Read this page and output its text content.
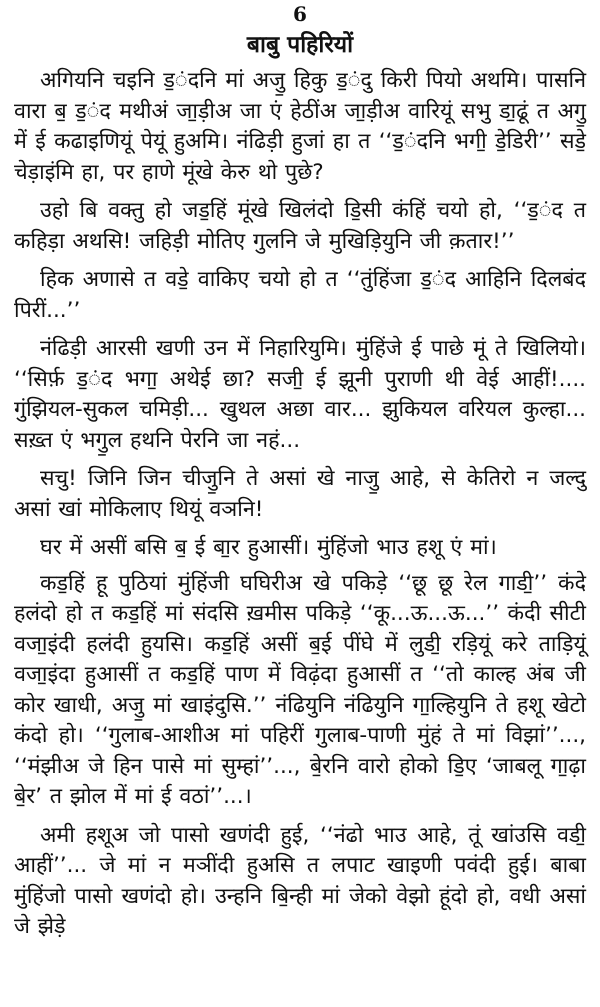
6
बाबु पहिरियों

अगियनि चइनि ड॒ंदनि मां अजु॒ हिकु ड॒ंदु किरी पियो अथमि। पासनि वारा ब॒ ड॒ंद मथीअं जा॒ड़ीअ जा एं हेठींअ जा॒ड़ीअ वारियूं सभु डा॒ढूं त अगु॒ में ई कढाइणियूं पेयूं हुअमि। नंढिड़ी हुजां हा त ‘‘ड॒ंदनि भगी॒ डे॒डिरी’’ सडे॒ चेड़ाइंमि हा, पर हाणे मूंखे केरु थो पुछे?

उहो बि वक्तु हो जड॒हिं मूंखे खिलंदो डि॒सी कंहिं चयो हो, ‘‘ड॒ंद त कहिड़ा अथसि! जहिड़ी मोतिए गुलनि जे मुखिड़ियुनि जी क़तार!’’

हिक अणासे त वडे॒ वाकिए चयो हो त ‘‘तुंहिंजा ड॒ंद आहिनि दिलबंद पिरीं...’’

नंढिड़ी आरसी खणी उन में निहारियुमि। मुंहिंजे ई पाछे मूं ते खिलियो। ‘‘सिर्फ़ ड॒ंद भगा॒ अथेई छा? सजी॒ ई झूनी पुराणी थी वेई आहीं!.... गुंझियल-सुकल चमिड़ी... खुथल अछा वार... झुकियल वरियल कुल्हा... सख़्त एं भगु॒ल हथनि पेरनि जा नहं...

सचु! जिनि जिन चीजु॒नि ते असां खे नाजु॒ आहे, से केतिरो न जल्दु असां खां मोकिलाए थियूं वञनि!

घर में असीं बसि ब॒ ई बा॒र हुआसीं। मुंहिंजो भाउ हशू एं मां।

कड॒हिं हू पुठियां मुंहिंजी घघिरीअ खे पकिड़े ‘‘छू छू रेल गाडी॒’’ कंदे हलंदो हो त कड॒हिं मां संदसि ख़मीस पकिड़े ‘‘कू...ऊ...ऊ...’’ कंदी सीटी वजा॒इंदी हलंदी हुयसि। कड॒हिं असीं ब॒ई पींघे में लुडी॒ रड़ियूं करे ताड़ियूं वजा॒इंदा हुआसीं त कड॒हिं पाण में विढ़ंदा हुआसीं त ‘‘तो काल्ह अंब जी कोर खाधी, अजु॒ मां खाइंदुसि.’’ नंढियुनि नंढियुनि गा॒ल्हियुनि ते हशू खेटो कंदो हो। ‘‘गुलाब-आशीअ मां पहिरीं गुलाब-पाणी मुंहं ते मां विझां’’..., ‘‘मंझीअ जे हिन पासे मां सुम्हां’’..., बे॒रनि वारो होको डि॒ए ‘जाबलू गा॒ढ़ा बे॒र’ त झोल में मां ई वठां’’...।

अमी हशूअ जो पासो खणंदी हुई, ‘‘नंढो भाउ आहे, तूं खांउसि वडी॒ आहीं’’... जे मां न मञींदी हुअसि त लपाट खाइणी पवंदी हुई। बाबा मुंहिंजो पासो खणंदो हो। उन्हनि बि॒न्ही मां जेको वेझो हूंदो हो, वधी असां जे झेड़े
